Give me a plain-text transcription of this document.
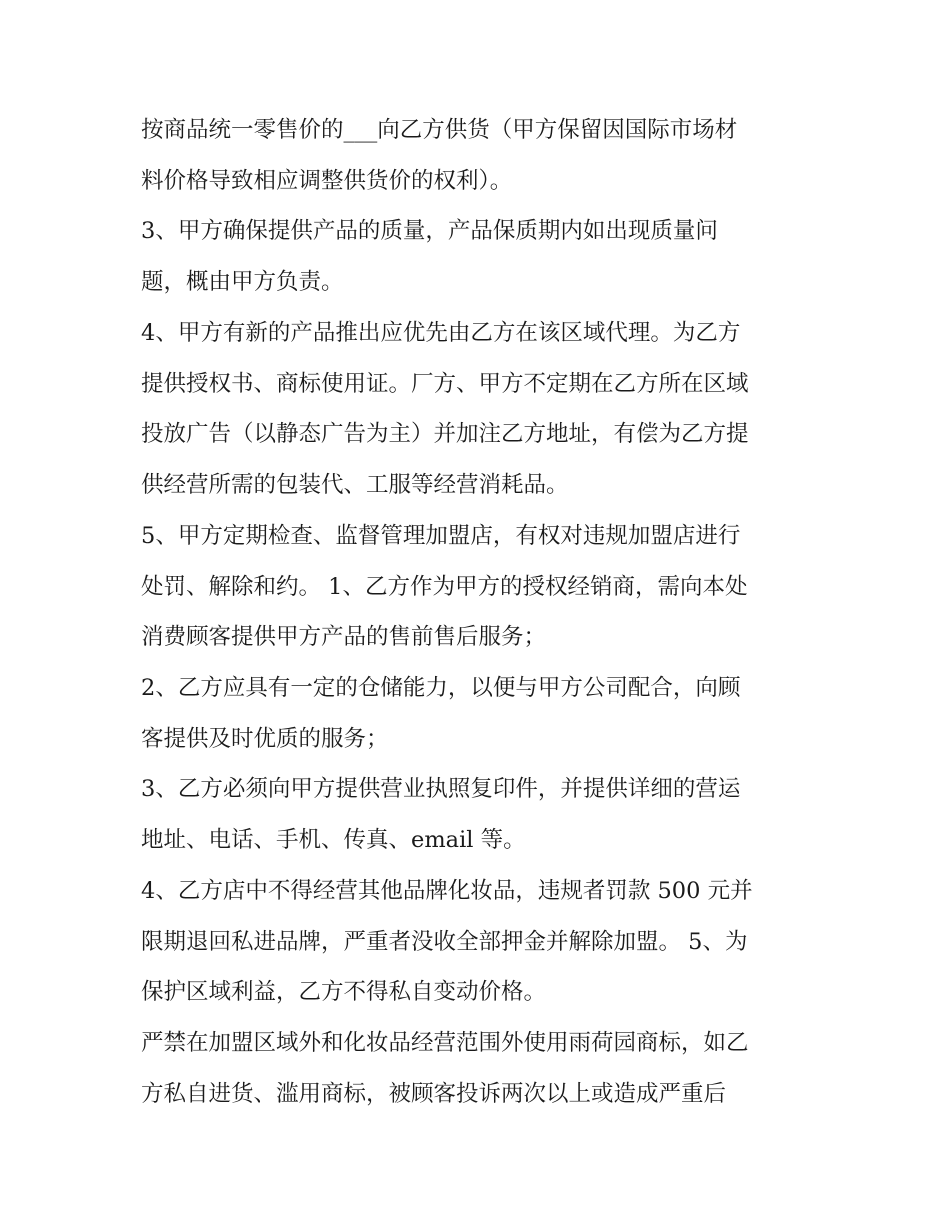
按商品统一零售价的___向乙方供货（甲方保留因国际市场材
料价格导致相应调整供货价的权利）。
3、甲方确保提供产品的质量，产品保质期内如出现质量问
题，概由甲方负责。
4、甲方有新的产品推出应优先由乙方在该区域代理。为乙方
提供授权书、商标使用证。厂方、甲方不定期在乙方所在区域
投放广告（以静态广告为主）并加注乙方地址，有偿为乙方提
供经营所需的包装代、工服等经营消耗品。
5、甲方定期检查、监督管理加盟店，有权对违规加盟店进行
处罚、解除和约。 1、乙方作为甲方的授权经销商，需向本处
消费顾客提供甲方产品的售前售后服务；
2、乙方应具有一定的仓储能力，以便与甲方公司配合，向顾
客提供及时优质的服务；
3、乙方必须向甲方提供营业执照复印件，并提供详细的营运
地址、电话、手机、传真、email 等。
4、乙方店中不得经营其他品牌化妆品，违规者罚款 500 元并
限期退回私进品牌，严重者没收全部押金并解除加盟。 5、为
保护区域利益，乙方不得私自变动价格。
严禁在加盟区域外和化妆品经营范围外使用雨荷园商标，如乙
方私自进货、滥用商标，被顾客投诉两次以上或造成严重后
